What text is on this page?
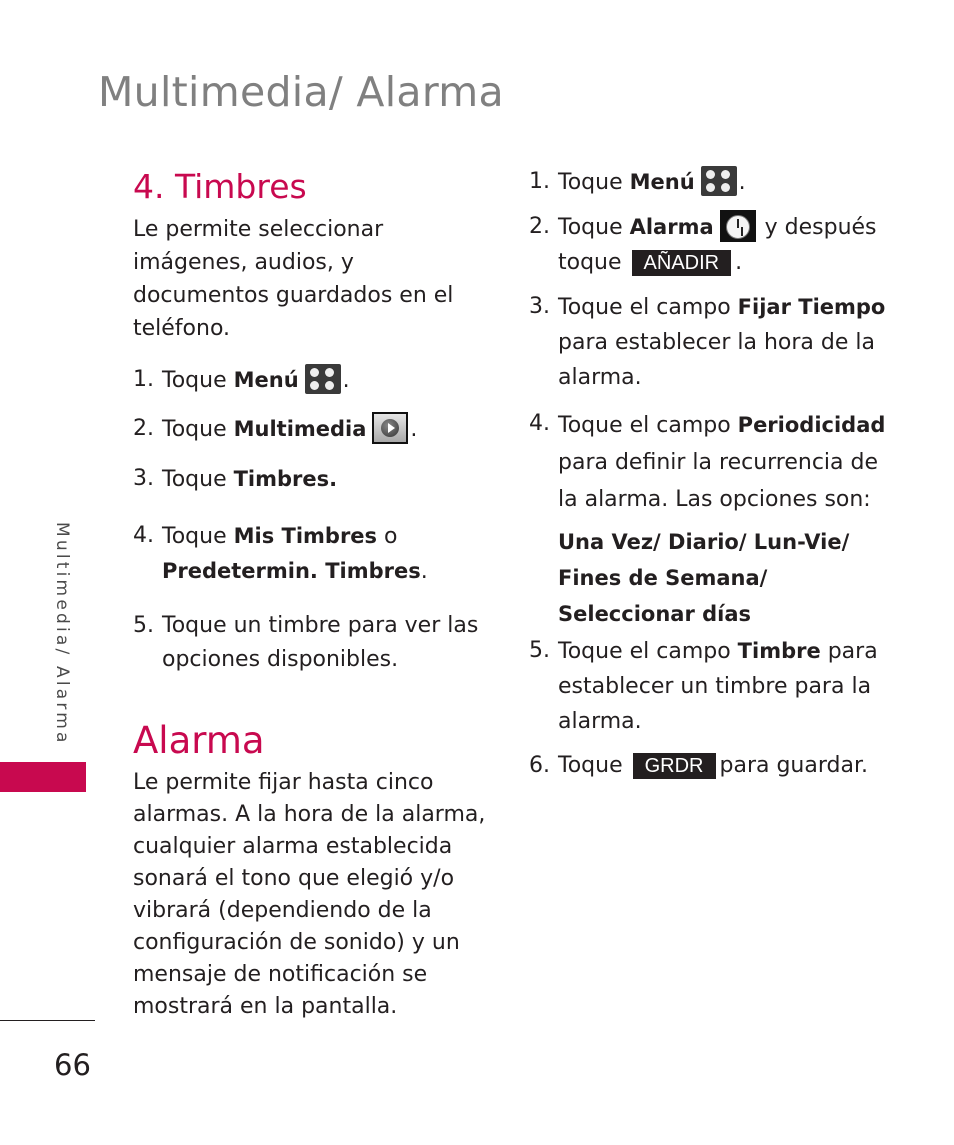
Multimedia/ Alarma
4. Timbres

Le permite seleccionar imágenes, audios, y documentos guardados en el teléfono.

1. Toque Menú .
2. Toque Multimedia .
3. Toque Timbres.
4. Toque Mis Timbres o Predetermin. Timbres.
5. Toque un timbre para ver las opciones disponibles.
Alarma

Le permite fijar hasta cinco alarmas. A la hora de la alarma, cualquier alarma establecida sonará el tono que elegió y/o vibrará (dependiendo de la configuración de sonido) y un mensaje de notificación se mostrará en la pantalla.

1. Toque Menú .
2. Toque Alarma y después toque AÑADIR .
3. Toque el campo Fijar Tiempo para establecer la hora de la alarma.
4. Toque el campo Periodicidad para definir la recurrencia de la alarma. Las opciones son:
Una Vez/ Diario/ Lun-Vie/
Fines de Semana/
Seleccionar días
5. Toque el campo Timbre para establecer un timbre para la alarma.
6. Toque GRDR para guardar.
Multimedia/ Alarma
66
